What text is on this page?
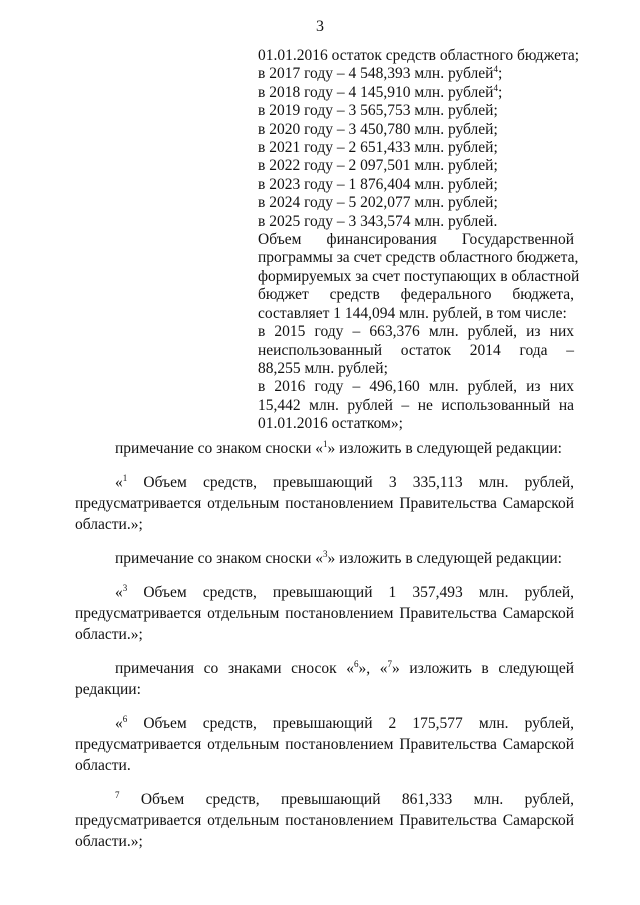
3
01.01.2016 остаток средств областного бюджета;
в 2017 году – 4 548,393 млн. рублей$^4$;
в 2018 году – 4 145,910 млн. рублей$^4$;
в 2019 году – 3 565,753 млн. рублей;
в 2020 году – 3 450,780 млн. рублей;
в 2021 году – 2 651,433 млн. рублей;
в 2022 году – 2 097,501 млн. рублей;
в 2023 году – 1 876,404 млн. рублей;
в 2024 году – 5 202,077 млн. рублей;
в 2025 году – 3 343,574 млн. рублей.
Объем финансирования Государственной
программы за счет средств областного бюджета,
формируемых за счет поступающих в областной
бюджет средств федерального бюджета,
составляет 1 144,094 млн. рублей, в том числе:
в 2015 году – 663,376 млн. рублей, из них
неиспользованный остаток 2014 года –
88,255 млн. рублей;
в 2016 году – 496,160 млн. рублей, из них
15,442 млн. рублей – не использованный на
01.01.2016 остатком»;

примечание со знаком сноски «$^1$» изложить в следующей редакции:

«$^1$ Объем средств, превышающий 3 335,113 млн. рублей,
предусматривается отдельным постановлением Правительства Самарской
области.»;

примечание со знаком сноски «$^3$» изложить в следующей редакции:

«$^3$ Объем средств, превышающий 1 357,493 млн. рублей,
предусматривается отдельным постановлением Правительства Самарской
области.»;

примечания со знаками сносок «$^6$», «$^7$» изложить в следующей
редакции:

«$^6$ Объем средств, превышающий 2 175,577 млн. рублей,
предусматривается отдельным постановлением Правительства Самарской
области.

$^7$ Объем средств, превышающий 861,333 млн. рублей,
предусматривается отдельным постановлением Правительства Самарской
области.»;
